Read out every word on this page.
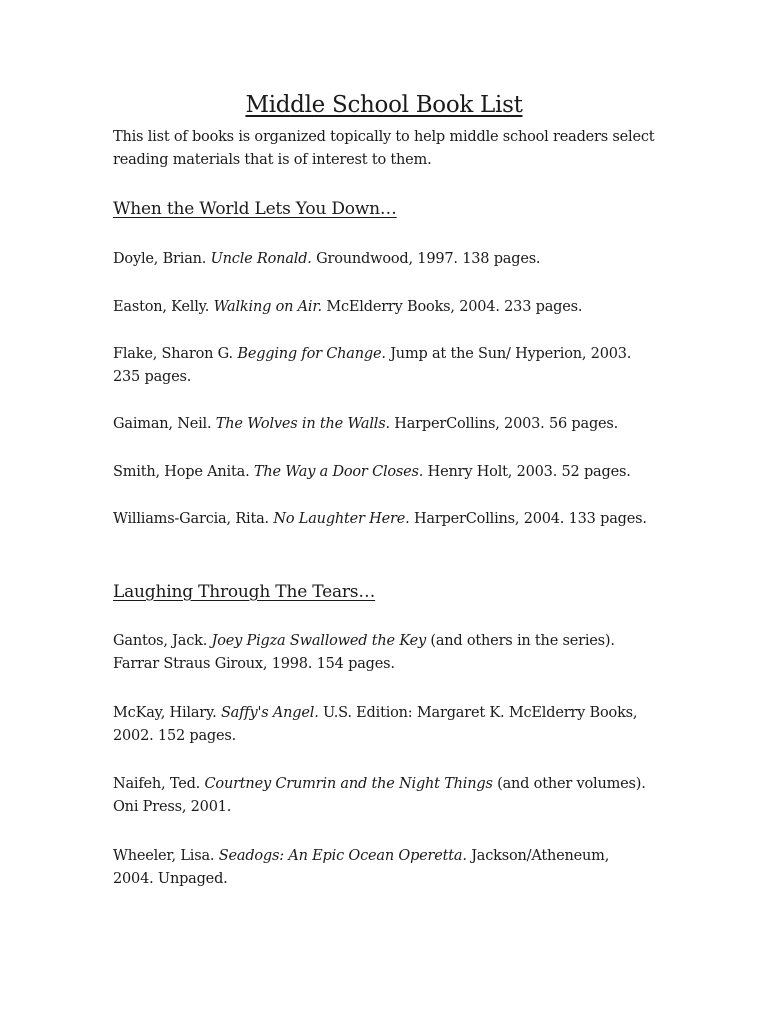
Middle School Book List
This list of books is organized topically to help middle school readers select reading materials that is of interest to them.
When the World Lets You Down…
Doyle, Brian. Uncle Ronald. Groundwood, 1997. 138 pages.
Easton, Kelly. Walking on Air. McElderry Books, 2004. 233 pages.
Flake, Sharon G. Begging for Change. Jump at the Sun/ Hyperion, 2003. 235 pages.
Gaiman, Neil. The Wolves in the Walls. HarperCollins, 2003. 56 pages.
Smith, Hope Anita. The Way a Door Closes. Henry Holt, 2003. 52 pages.
Williams-Garcia, Rita. No Laughter Here. HarperCollins, 2004. 133 pages.
Laughing Through The Tears…
Gantos, Jack. Joey Pigza Swallowed the Key (and others in the series). Farrar Straus Giroux, 1998. 154 pages.
McKay, Hilary. Saffy's Angel. U.S. Edition: Margaret K. McElderry Books, 2002. 152 pages.
Naifeh, Ted. Courtney Crumrin and the Night Things (and other volumes). Oni Press, 2001.
Wheeler, Lisa. Seadogs: An Epic Ocean Operetta. Jackson/Atheneum, 2004. Unpaged.
